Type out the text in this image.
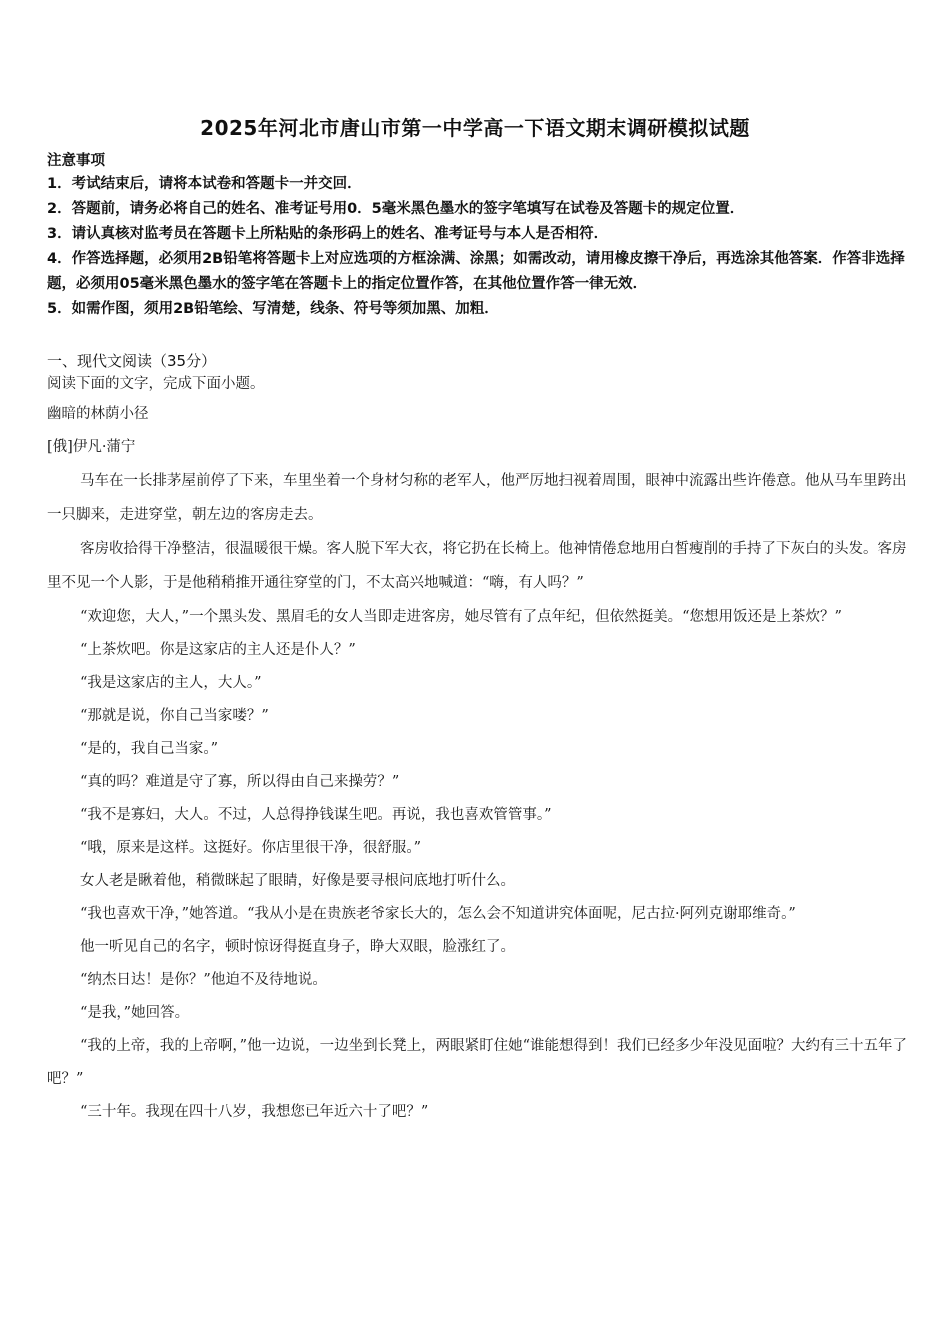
2025年河北市唐山市第一中学高一下语文期末调研模拟试题
注意事项
1．考试结束后，请将本试卷和答题卡一并交回．
2．答题前，请务必将自己的姓名、准考证号用0．5毫米黑色墨水的签字笔填写在试卷及答题卡的规定位置．
3．请认真核对监考员在答题卡上所粘贴的条形码上的姓名、准考证号与本人是否相符．
4．作答选择题，必须用2B铅笔将答题卡上对应选项的方框涂满、涂黑；如需改动，请用橡皮擦干净后，再选涂其他答案．作答非选择题，必须用05毫米黑色墨水的签字笔在答题卡上的指定位置作答，在其他位置作答一律无效．
5．如需作图，须用2B铅笔绘、写清楚，线条、符号等须加黑、加粗．
一、现代文阅读（35分）

阅读下面的文字，完成下面小题。

幽暗的林荫小径

[俄]伊凡·蒲宁

马车在一长排茅屋前停了下来，车里坐着一个身材匀称的老军人，他严厉地扫视着周围，眼神中流露出些许倦意。他从马车里跨出一只脚来，走进穿堂，朝左边的客房走去。

客房收拾得干净整洁，很温暖很干燥。客人脱下军大衣，将它扔在长椅上。他神情倦怠地用白皙瘦削的手持了下灰白的头发。客房里不见一个人影，于是他稍稍推开通往穿堂的门，不太高兴地喊道：“嗨，有人吗？”

“欢迎您，大人，”一个黑头发、黑眉毛的女人当即走进客房，她尽管有了点年纪，但依然挺美。“您想用饭还是上茶炊？”

“上茶炊吧。你是这家店的主人还是仆人？”

“我是这家店的主人，大人。”

“那就是说，你自己当家喽？”

“是的，我自己当家。”

“真的吗？难道是守了寡，所以得由自己来操劳？”

“我不是寡妇，大人。不过，人总得挣钱谋生吧。再说，我也喜欢管管事。”

“哦，原来是这样。这挺好。你店里很干净，很舒服。”

女人老是瞅着他，稍微眯起了眼睛，好像是要寻根问底地打听什么。

“我也喜欢干净，”她答道。“我从小是在贵族老爷家长大的，怎么会不知道讲究体面呢，尼古拉·阿列克谢耶维奇。”

他一听见自己的名字，顿时惊讶得挺直身子，睁大双眼，脸涨红了。

“纳杰日达！是你？”他迫不及待地说。

“是我，”她回答。

“我的上帝，我的上帝啊，”他一边说，一边坐到长凳上，两眼紧盯住她“谁能想得到！我们已经多少年没见面啦？大约有三十五年了吧？”

“三十年。我现在四十八岁，我想您已年近六十了吧？”
